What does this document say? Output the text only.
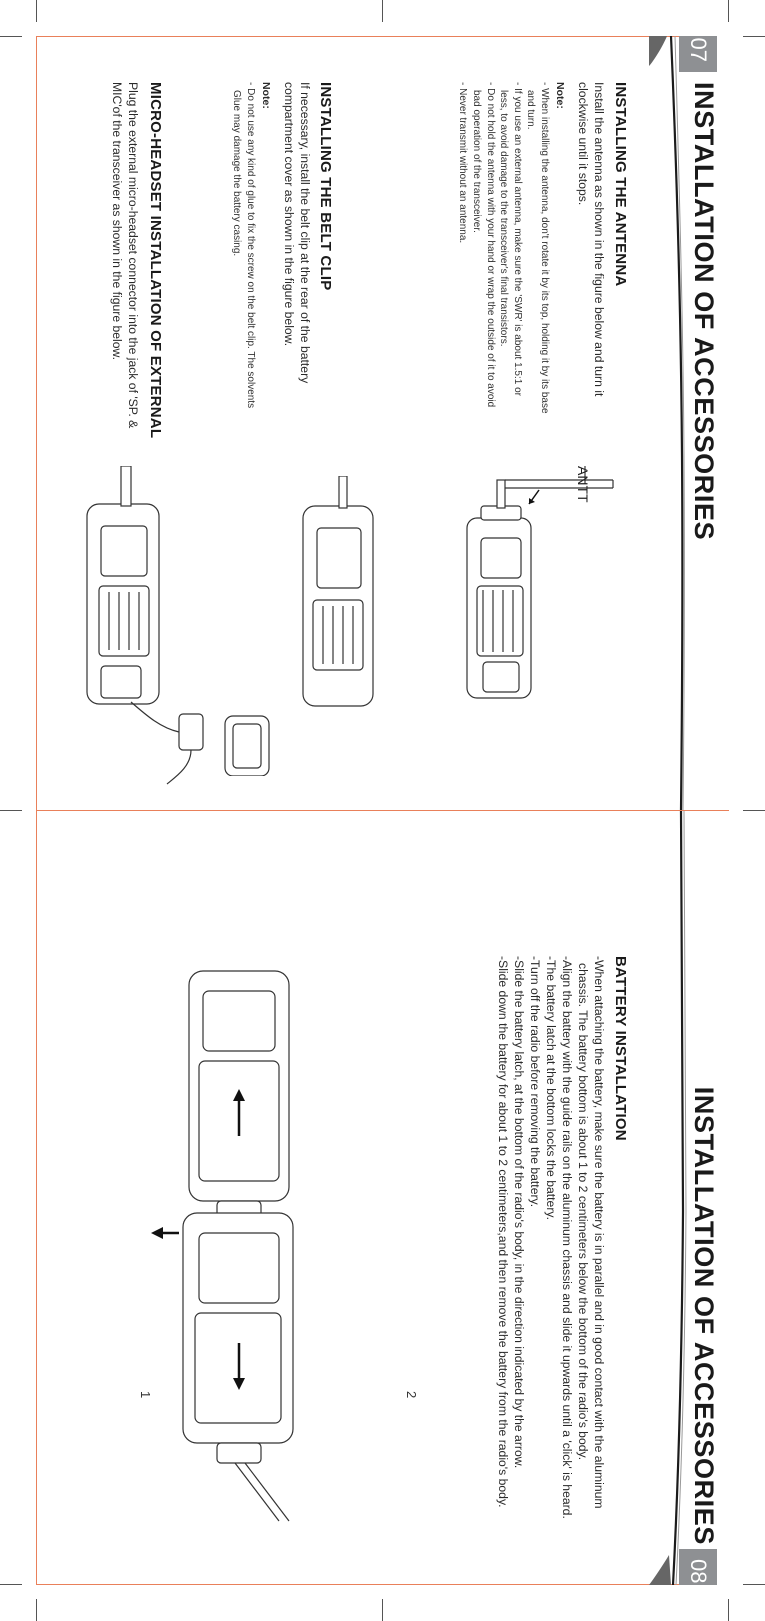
07
INSTALLATION OF ACCESSORIES
INSTALLING THE ANTENNA

Install the antenna as shown in the figure below and turn it clockwise until it stops.

Note:

- When installing the antenna, don't rotate it by its top, holding it by its base and turn.

- If you use an external antenna, make sure the 'SWR' is about 1.5:1 or less, to avoid damage to the transceiver's final transistors.

- Do not hold the antenna with your hand or wrap the outside of it to avoid bad operation of the transceiver.

- Never transmit without an antenna.

ANTT
INSTALLING THE BELT CLIP

If necessary, install the belt clip at the rear of the battery compartment cover as shown in the figure below.

Note:

- Do not use any kind of glue to fix the screw on the belt clip. The solvents Glue may damage the battery casing.

MICRO-HEADSET INSTALLATION OF EXTERNAL

Plug the external micro-headset connector into the jack of 'SP. & MIC'of the transceiver as shown in the figure below.

08
INSTALLATION OF ACCESSORIES
BATTERY INSTALLATION

-When attaching the battery, make sure the battery is in parallel and in good contact with the aluminum chassis. The battery bottom is about 1 to 2 centimeters below the bottom of the radio's body.

-Align the battery with the guide rails on the aluminum chassis and slide it upwards until a 'click' is heard.

-The battery latch at the bottom locks the battery.

-Turn off the radio before removing the battery.

-Slide the battery latch, at the bottom of the radio's body, in the direction indicated by the arrow.

-Slide down the battery for about 1 to 2 centimeters,and then remove the battery from the radio's body.

1	2
